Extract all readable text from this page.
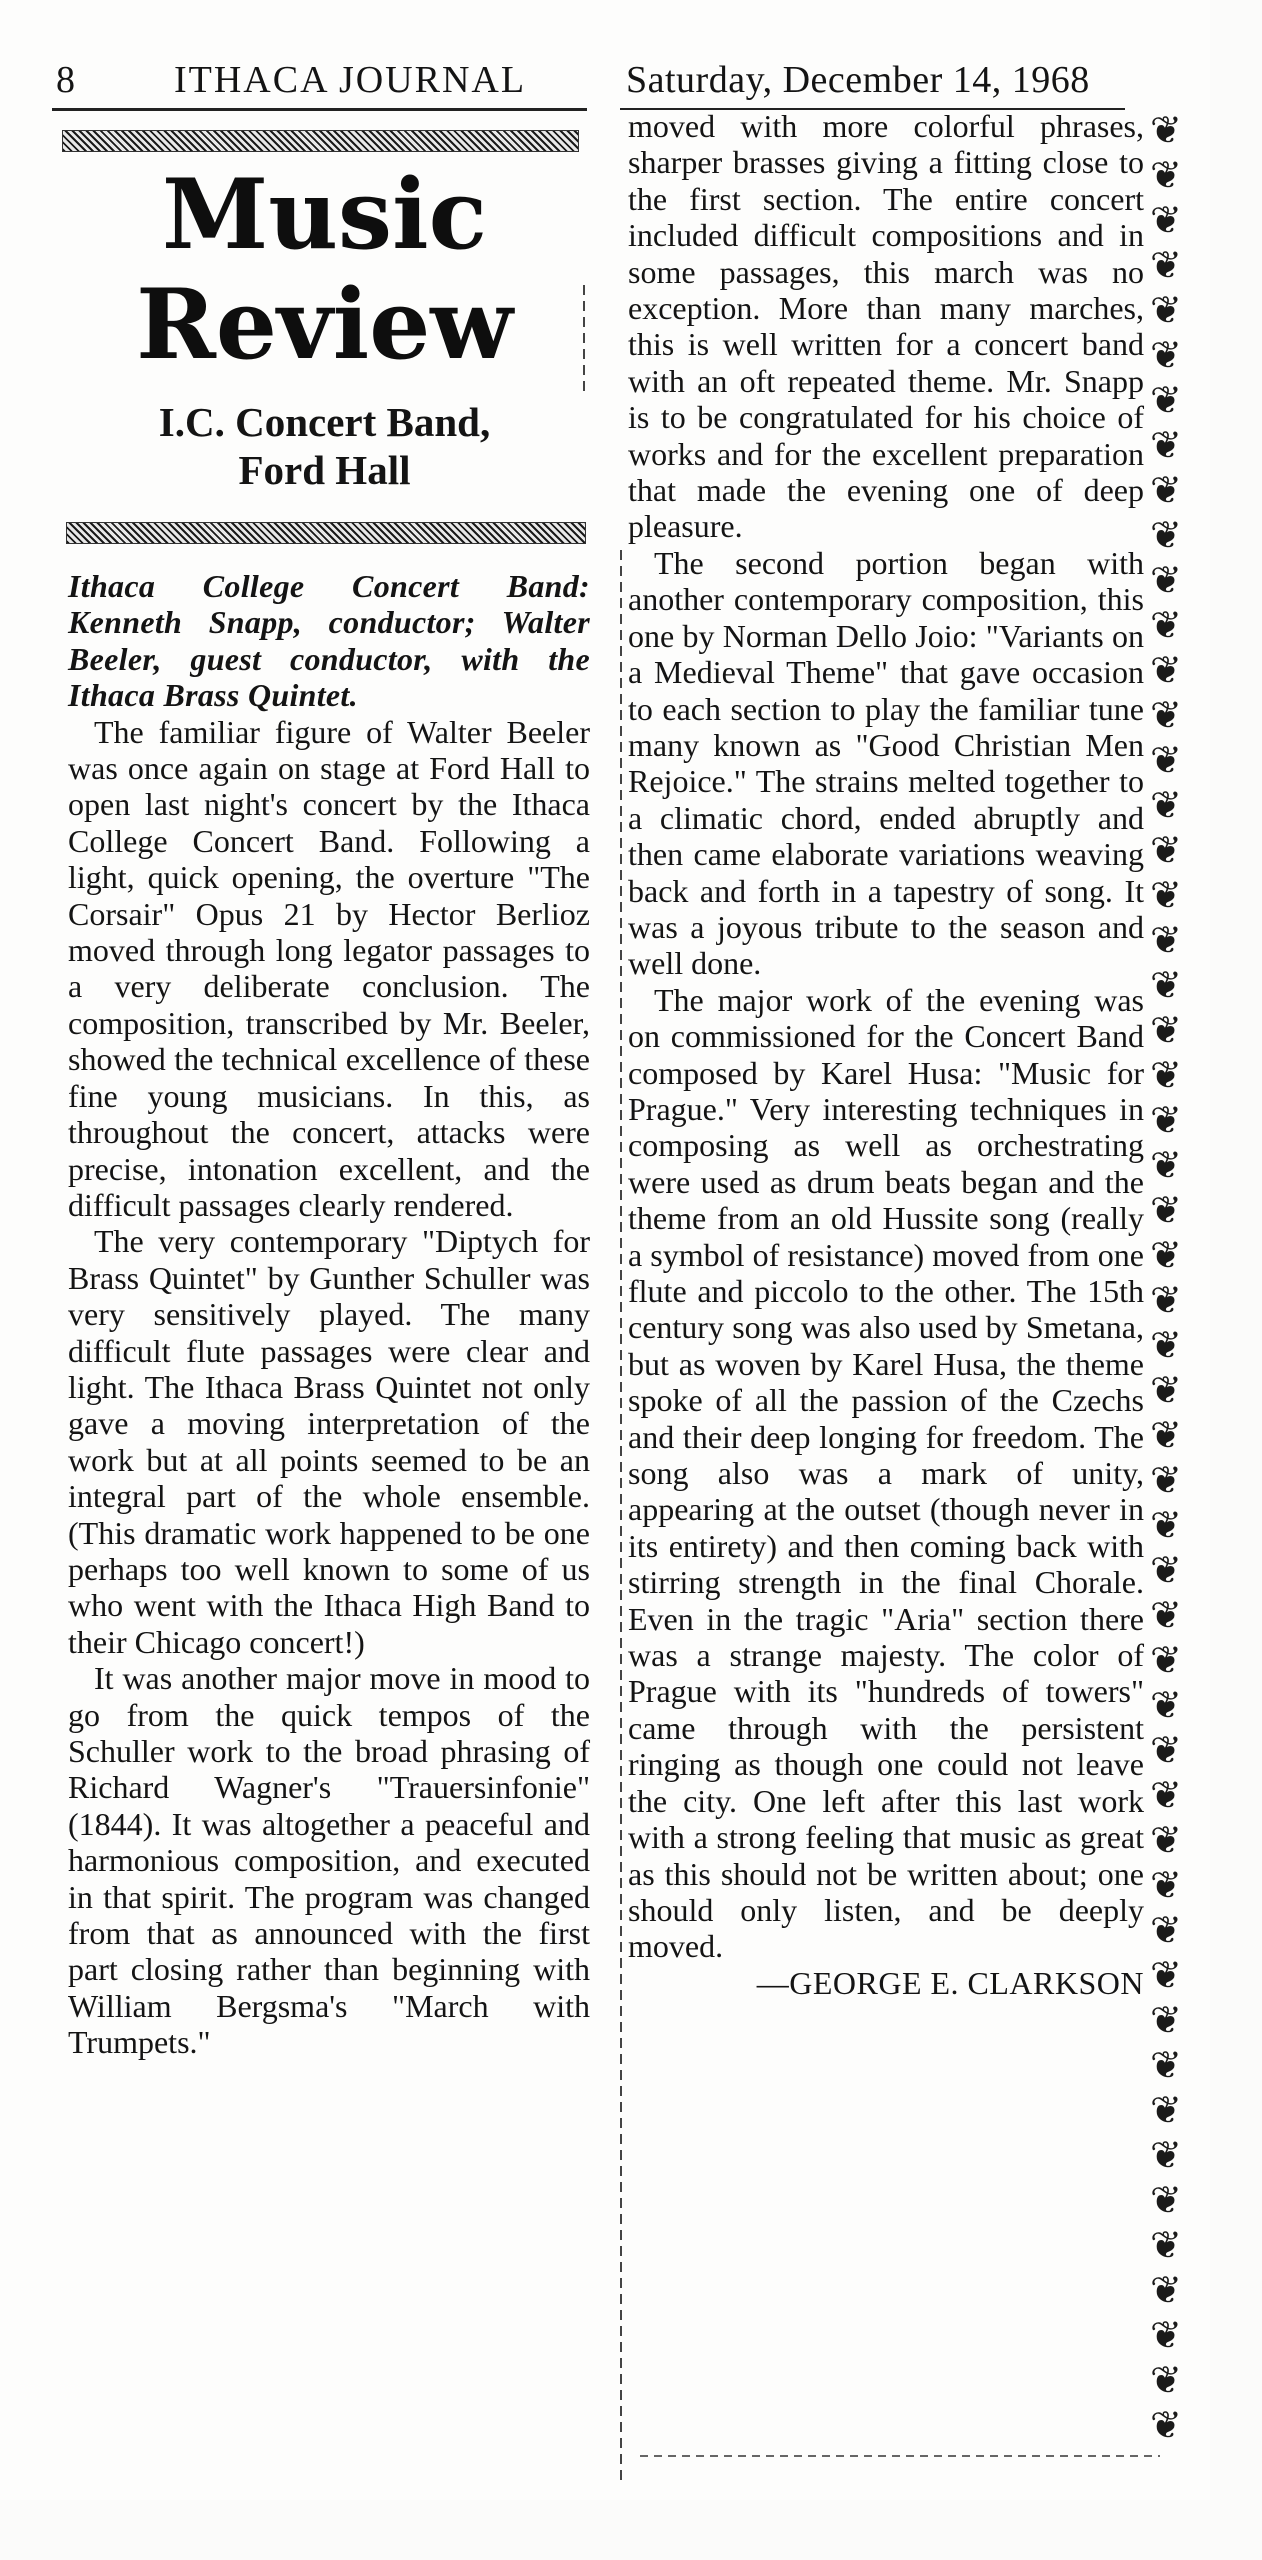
8	ITHACA JOURNAL	Saturday, December 14, 1968
Music
Review
I.C. Concert Band,
Ford Hall

Ithaca College Concert Band: Kenneth Snapp, conductor; Walter Beeler, guest conductor, with the Ithaca Brass Quintet.

The familiar figure of Walter Beeler was once again on stage at Ford Hall to open last night's concert by the Ithaca College Concert Band. Following a light, quick opening, the overture "The Corsair" Opus 21 by Hector Berlioz moved through long legator passages to a very deliberate conclusion. The composition, transcribed by Mr. Beeler, showed the technical excellence of these fine young musicians. In this, as throughout the concert, attacks were precise, intonation excellent, and the difficult passages clearly rendered.

The very contemporary "Diptych for Brass Quintet" by Gunther Schuller was very sensitively played. The many difficult flute passages were clear and light. The Ithaca Brass Quintet not only gave a moving interpretation of the work but at all points seemed to be an integral part of the whole ensemble. (This dramatic work happened to be one perhaps too well known to some of us who went with the Ithaca High Band to their Chicago concert!)

It was another major move in mood to go from the quick tempos of the Schuller work to the broad phrasing of Richard Wagner's "Trauersinfonie" (1844). It was altogether a peaceful and harmonious composition, and executed in that spirit. The program was changed from that as announced with the first part closing rather than beginning with William Bergsma's "March with Trumpets."

moved with more colorful phrases, sharper brasses giving a fitting close to the first section. The entire concert included difficult compositions and in some passages, this march was no exception. More than many marches, this is well written for a concert band with an oft repeated theme. Mr. Snapp is to be congratulated for his choice of works and for the excellent preparation that made the evening one of deep pleasure.

The second portion began with another contemporary composition, this one by Norman Dello Joio: "Variants on a Medieval Theme" that gave occasion to each section to play the familiar tune many known as "Good Christian Men Rejoice." The strains melted together to a climatic chord, ended abruptly and then came elaborate variations weaving back and forth in a tapestry of song. It was a joyous tribute to the season and well done.

The major work of the evening was on commissioned for the Concert Band composed by Karel Husa: "Music for Prague." Very interesting techniques in composing as well as orchestrating were used as drum beats began and the theme from an old Hussite song (really a symbol of resistance) moved from one flute and piccolo to the other. The 15th century song was also used by Smetana, but as woven by Karel Husa, the theme spoke of all the passion of the Czechs and their deep longing for freedom. The song also was a mark of unity, appearing at the outset (though never in its entirety) and then coming back with stirring strength in the final Chorale. Even in the tragic "Aria" section there was a strange majesty. The color of Prague with its "hundreds of towers" came through with the persistent ringing as though one could not leave the city. One left after this last work with a strong feeling that music as great as this should not be written about; one should only listen, and be deeply moved.

—GEORGE E. CLARKSON

❦
❦
❦
❦
❦
❦
❦
❦
❦
❦
❦
❦
❦
❦
❦
❦
❦
❦
❦
❦
❦
❦
❦
❦
❦
❦
❦
❦
❦
❦
❦
❦
❦
❦
❦
❦
❦
❦
❦
❦
❦
❦
❦
❦
❦
❦
❦
❦
❦
❦
❦
❦
